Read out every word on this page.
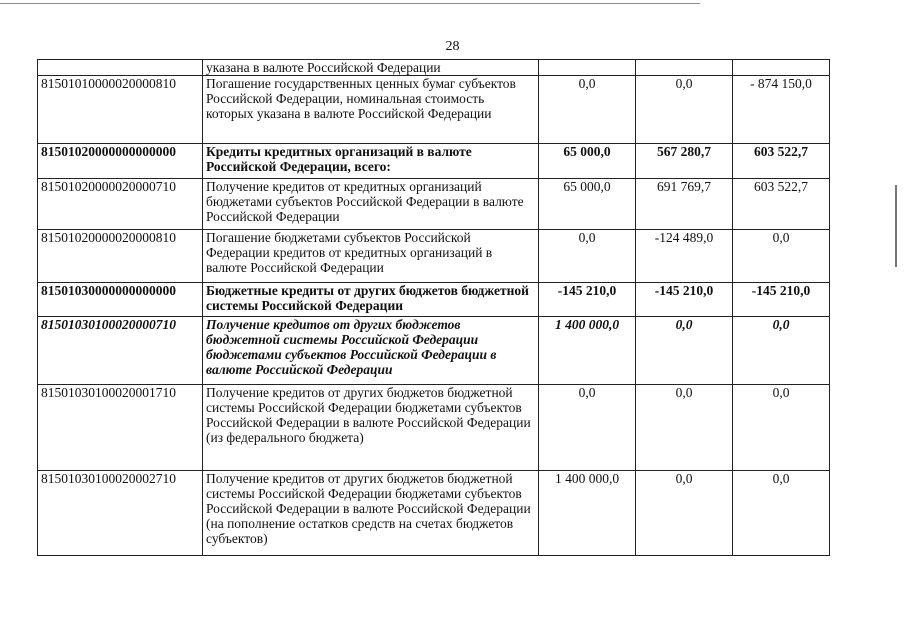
28
	указана в валюте Российской Федерации			
81501010000020000810	Погашение государственных ценных бумаг субъектов Российской Федерации, номинальная стоимость которых указана в валюте Российской Федерации	0,0	0,0	- 874 150,0
81501020000000000000	Кредиты кредитных организаций в валюте Российской Федерации, всего:	65 000,0	567 280,7	603 522,7
81501020000020000710	Получение кредитов от кредитных организаций бюджетами субъектов Российской Федерации в валюте Российской Федерации	65 000,0	691 769,7	603 522,7
81501020000020000810	Погашение бюджетами субъектов Российской Федерации кредитов от кредитных организаций в валюте Российской Федерации	0,0	-124 489,0	0,0
81501030000000000000	Бюджетные кредиты от других бюджетов бюджетной системы Российской Федерации	-145 210,0	-145 210,0	-145 210,0
81501030100020000710	Получение кредитов от других бюджетов бюджетной системы Российской Федерации бюджетами субъектов Российской Федерации в валюте Российской Федерации	1 400 000,0	0,0	0,0
81501030100020001710	Получение кредитов от других бюджетов бюджетной системы Российской Федерации бюджетами субъектов Российской Федерации в валюте Российской Федерации (из федерального бюджета)	0,0	0,0	0,0
81501030100020002710	Получение кредитов от других бюджетов бюджетной системы Российской Федерации бюджетами субъектов Российской Федерации в валюте Российской Федерации (на пополнение остатков средств на счетах бюджетов субъектов)	1 400 000,0	0,0	0,0
